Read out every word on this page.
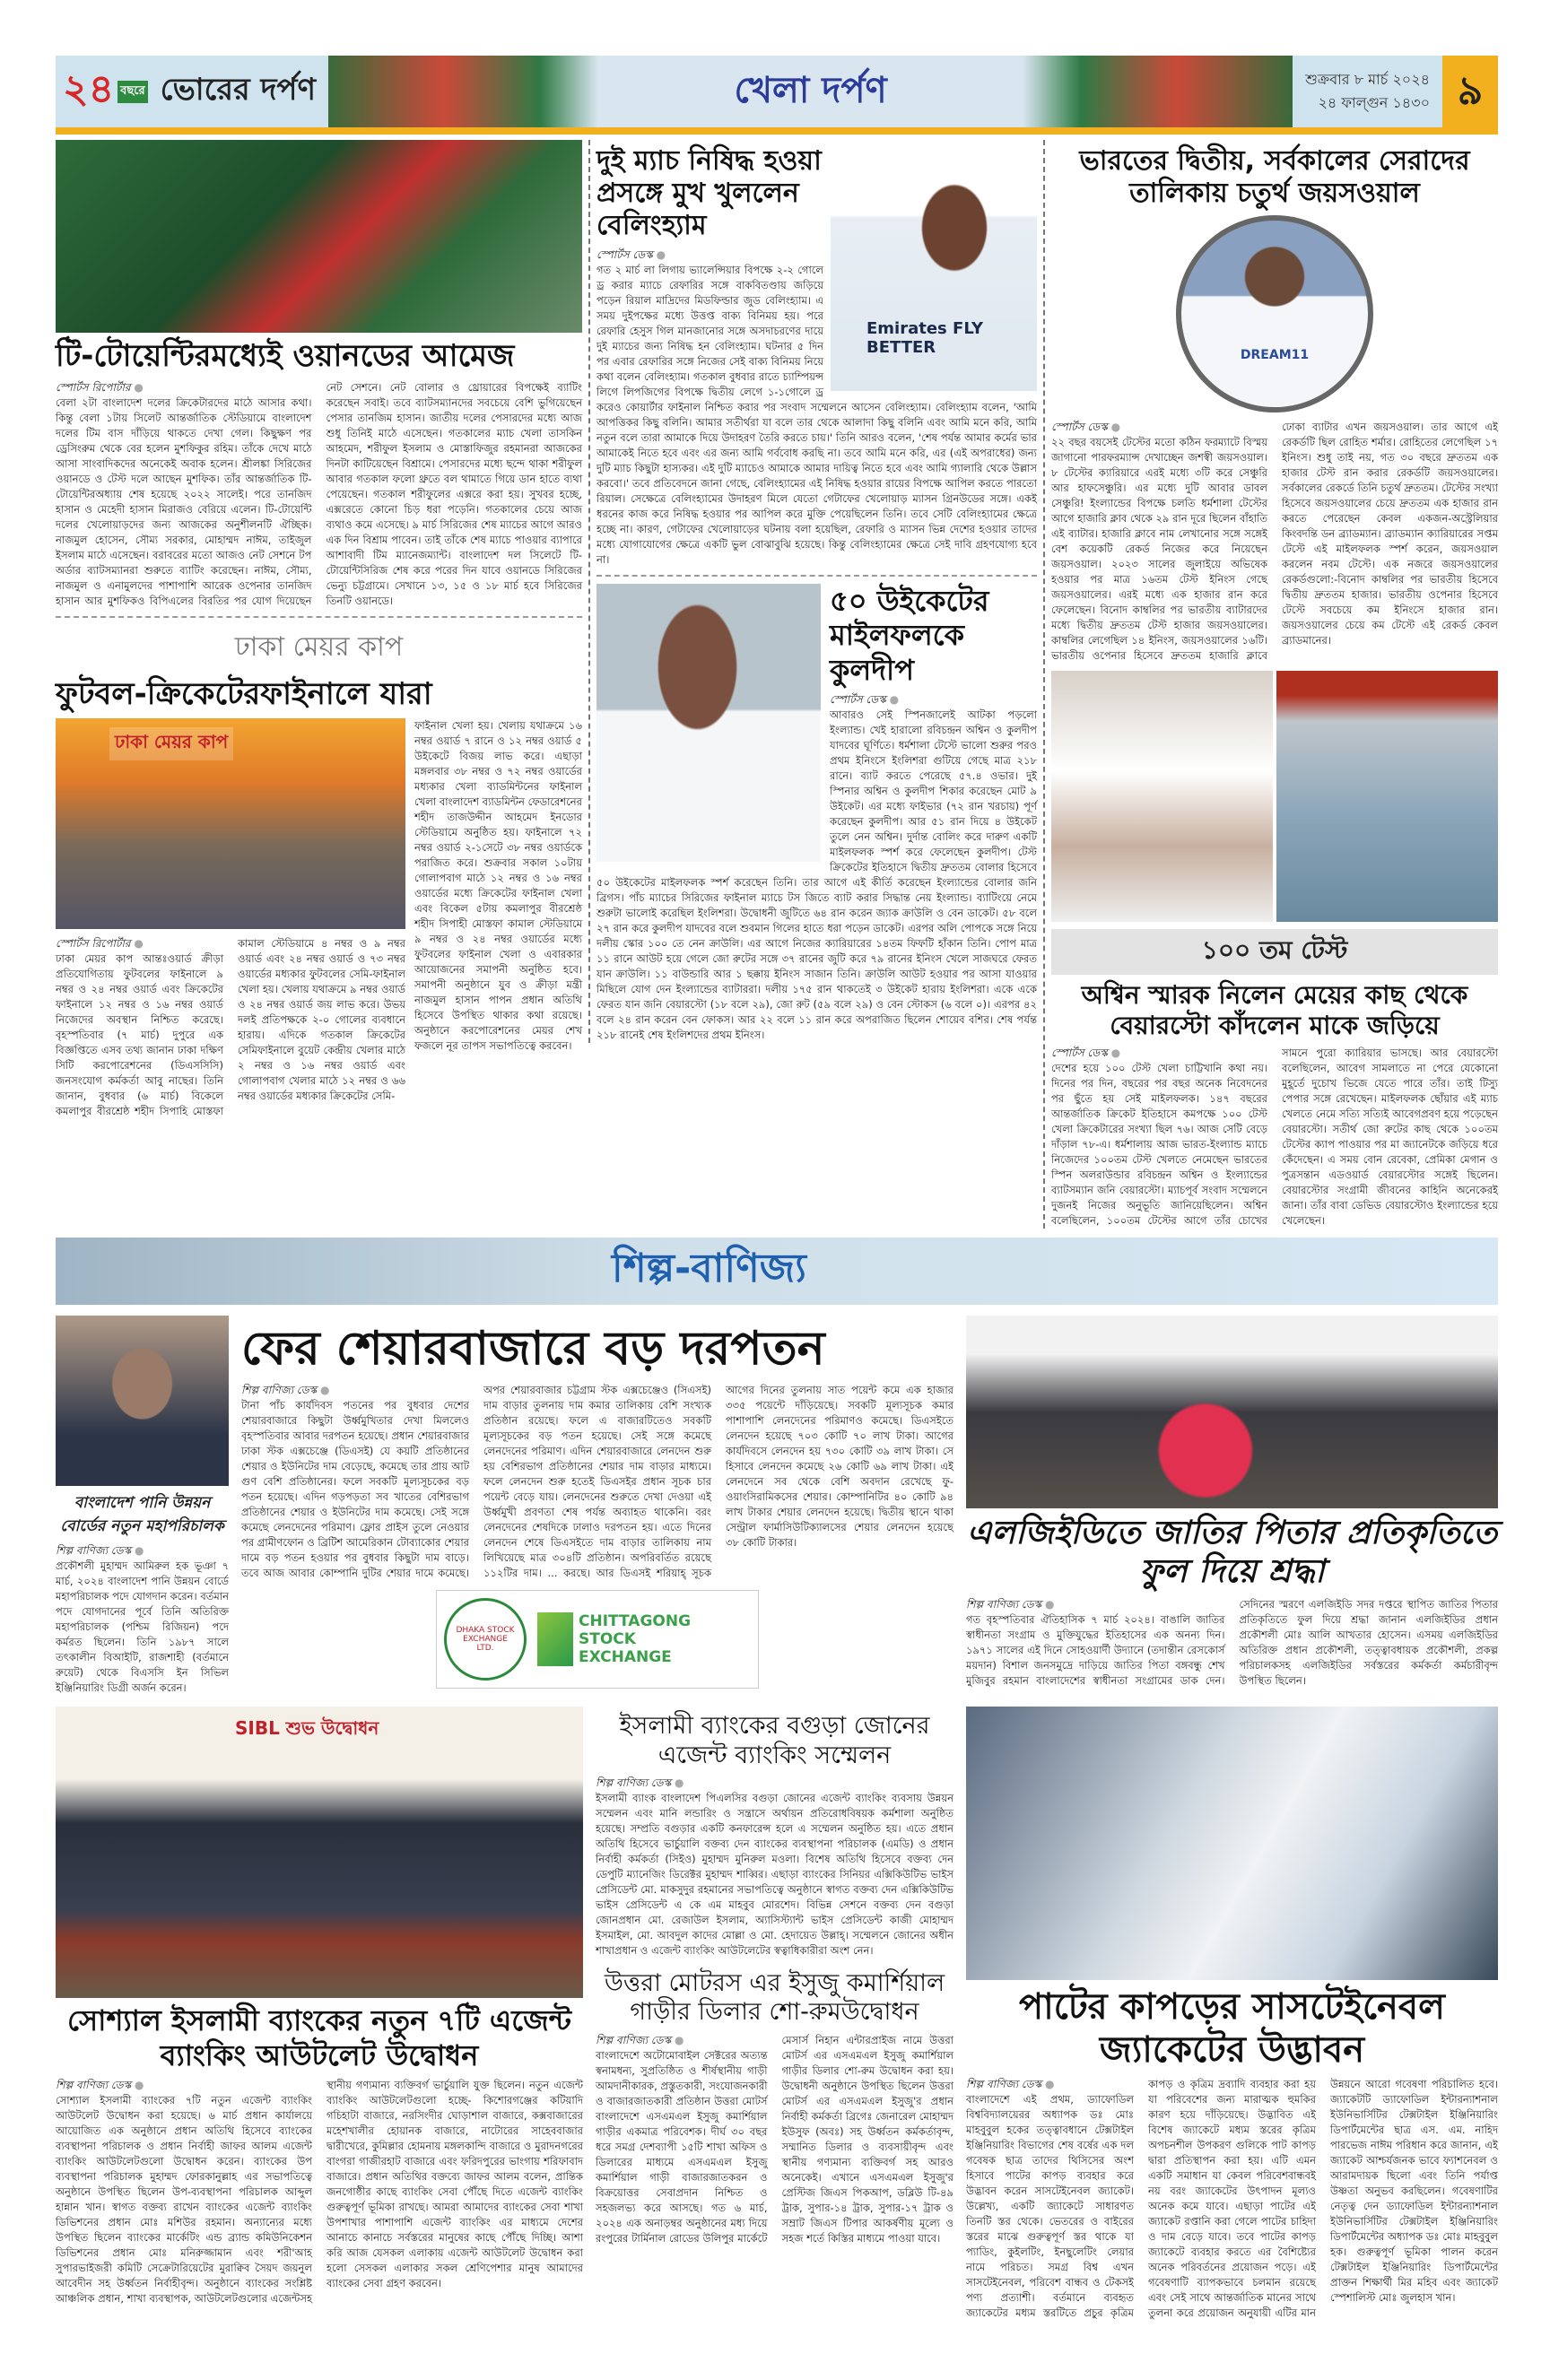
২৪ বছরে ভোরের দর্পণ	খেলা দর্পণ	শুক্রবার ৮ মার্চ ২০২৪
২৪ ফাল্গুন ১৪৩০ ৯
টি-টোয়েন্টিরমধ্যেই ওয়ানডের আমেজ
স্পোর্টস রিপোর্টার ●
বেলা ২টা বাংলাদেশ দলের ক্রিকেটারদের মাঠে আসার কথা। কিন্তু বেলা ১টায় সিলেট আন্তর্জাতিক স্টেডিয়ামে বাংলাদেশ দলের টিম বাস দাঁড়িয়ে থাকতে দেখা গেল। কিছুক্ষণ পর ড্রেসিংরুম থেকে বের হলেন মুশফিকুর রহিম। তাঁকে দেখে মাঠে আসা সাংবাদিকদের অনেকেই অবাক হলেন। শ্রীলঙ্কা সিরিজের ওয়ানডে ও টেস্ট দলে আছেন মুশফিক। তাঁর আন্তর্জাতিক টি-টোয়েন্টিরঅধ্যায় শেষ হয়েছে ২০২২ সালেই। পরে তানজিদ হাসান ও মেহেদী হাসান মিরাজও বেরিয়ে এলেন। টি-টোয়েন্টি দলের খেলোয়াড়দের জন্য আজকের অনুশীলনটি ঐচ্ছিক। নাজমুল হোসেন, সৌম্য সরকার, মোহাম্মদ নাঈম, তাইজুল ইসলাম মাঠে এসেছেন। বরাবরের মতো আজও নেট সেশনে টপ অর্ডার ব্যাটসম্যানরা শুরুতে ব্যাটিং করেছেন। নাঈম, সৌম্য, নাজমুল ও এনামুলদের পাশাপাশি আরেক ওপেনার তানজিদ হাসান আর মুশফিকও বিপিএলের বিরতির পর যোগ দিয়েছেন নেট সেশনে। নেট বোলার ও থ্রোয়ারের বিপক্ষেই ব্যাটিং করেছেন সবাই। তবে ব্যাটসম্যানদের সবচেয়ে বেশি ভুগিয়েছেন পেসার তানজিম হাসান। জাতীয় দলের পেসারদের মধ্যে আজ শুধু তিনিই মাঠে এসেছেন। গতকালের ম্যাচ খেলা তাসকিন আহমেদ, শরীফুল ইসলাম ও মোস্তাফিজুর রহমানরা আজকের দিনটা কাটিয়েছেন বিশ্রামে। পেসারদের মধ্যে ছন্দে থাকা শরীফুল আবার গতকাল ফলো থ্রুতে বল থামাতে গিয়ে ডান হাতে ব্যথা পেয়েছেন। গতকাল শরীফুলের এক্সরে করা হয়। সুখবর হচ্ছে, এক্সরেতে কোনো চিড় ধরা পড়েনি। গতকালের চেয়ে আজ ব্যথাও কমে এসেছে। ৯ মার্চ সিরিজের শেষ ম্যাচের আগে আরও এক দিন বিশ্রাম পাবেন। তাই তাঁকে শেষ ম্যাচে পাওয়ার ব্যাপারে আশাবাদী টিম ম্যানেজম্যান্ট। বাংলাদেশ দল সিলেটে টি-টোয়েন্টিসিরিজ শেষ করে পরের দিন যাবে ওয়ানডে সিরিজের ভেন্যু চট্টগ্রামে। সেখানে ১৩, ১৫ ও ১৮ মার্চ হবে সিরিজের তিনটি ওয়ানডে।
ঢাকা মেয়র কাপ
ফুটবল-ক্রিকেটেরফাইনালে যারা
ঢাকা মেয়র কাপ
স্পোর্টস রিপোর্টার ●
ঢাকা মেয়র কাপ আন্তঃওয়ার্ড ক্রীড়া প্রতিযোগিতায় ফুটবলের ফাইনালে ৯ নম্বর ও ২৪ নম্বর ওয়ার্ড এবং ক্রিকেটের ফাইনালে ১২ নম্বর ও ১৬ নম্বর ওয়ার্ড নিজেদের অবস্থান নিশ্চিত করেছে। বৃহস্পতিবার (৭ মার্চ) দুপুরে এক বিজ্ঞপ্তিতে এসব তথ্য জানান ঢাকা দক্ষিণ সিটি করপোরেশনের (ডিএসসিসি) জনসংযোগ কর্মকর্তা আবু নাছের। তিনি জানান, বুধবার (৬ মার্চ) বিকেলে কমলাপুর বীরশ্রেষ্ঠ শহীদ সিপাহি মোস্তফা কামাল স্টেডিয়ামে ৪ নম্বর ও ৯ নম্বর ওয়ার্ড এবং ২৪ নম্বর ওয়ার্ড ও ৭৩ নম্বর ওয়ার্ডের মধ্যকার ফুটবলের সেমি-ফাইনাল খেলা হয়। খেলায় যথাক্রমে ৯ নম্বর ওয়ার্ড ও ২৪ নম্বর ওয়ার্ড জয় লাভ করে। উভয় দলই প্রতিপক্ষকে ২-০ গোলের ব্যবধানে হারায়। এদিকে গতকাল ক্রিকেটের সেমিফাইনালে বুয়েট কেন্দ্রীয় খেলার মাঠে ২ নম্বর ও ১৬ নম্বর ওয়ার্ড এবং গোলাপবাগ খেলার মাঠে ১২ নম্বর ও ৬৬ নম্বর ওয়ার্ডের মধ্যকার ক্রিকেটের সেমি-
ফাইনাল খেলা হয়। খেলায় যথাক্রমে ১৬ নম্বর ওয়ার্ড ৭ রানে ও ১২ নম্বর ওয়ার্ড ৫ উইকেটে বিজয় লাভ করে। এছাড়া মঙ্গলবার ৩৮ নম্বর ও ৭২ নম্বর ওয়ার্ডের মধ্যকার খেলা ব্যাডমিন্টনের ফাইনাল খেলা বাংলাদেশ ব্যাডমিন্টন ফেডারেশনের শহীদ তাজউদ্দীন আহমেদ ইনডোর স্টেডিয়ামে অনুষ্ঠিত হয়। ফাইনালে ৭২ নম্বর ওয়ার্ড ২-১সেটে ৩৮ নম্বর ওয়ার্ডকে পরাজিত করে। শুক্রবার সকাল ১০টায় গোলাপবাগ মাঠে ১২ নম্বর ও ১৬ নম্বর ওয়ার্ডের মধ্যে ক্রিকেটের ফাইনাল খেলা এবং বিকেল ৫টায় কমলাপুর বীরশ্রেষ্ঠ শহীদ সিপাহী মোস্তফা কামাল স্টেডিয়ামে ৯ নম্বর ও ২৪ নম্বর ওয়ার্ডের মধ্যে ফুটবলের ফাইনাল খেলা ও এবারকার আয়োজনের সমাপনী অনুষ্ঠিত হবে। সমাপনী অনুষ্ঠানে যুব ও ক্রীড়া মন্ত্রী নাজমুল হাসান পাপন প্রধান অতিথি হিসেবে উপস্থিত থাকার কথা রয়েছে। অনুষ্ঠানে করপোরেশনের মেয়র শেখ ফজলে নূর তাপস সভাপতিত্বে করবেন।
Emirates FLY BETTER
দুই ম্যাচ নিষিদ্ধ হওয়া প্রসঙ্গে মুখ খুললেন বেলিংহ্যাম
স্পোর্টস ডেস্ক ●
গত ২ মার্চ লা লিগায় ভ্যালেন্সিয়ার বিপক্ষে ২-২ গোলে ড্র করার ম্যাচে রেফারির সঙ্গে বাকবিতণ্ডায় জড়িয়ে পড়েন রিয়াল মাদ্রিদের মিডফিল্ডার জুড বেলিংহ্যাম। এ সময় দুইপক্ষের মধ্যে উত্তপ্ত বাক্য বিনিময় হয়। পরে রেফারি হেসুস গিল মানজানোর সঙ্গে অসদাচরণের দায়ে দুই ম্যাচের জন্য নিষিদ্ধ হন বেলিংহ্যাম। ঘটনার ৫ দিন পর এবার রেফারির সঙ্গে নিজের সেই বাক্য বিনিময় নিয়ে কথা বলেন বেলিংহ্যাম। গতকাল বুধবার রাতে চ্যাম্পিয়ন্স লিগে লিপজিগের বিপক্ষে দ্বিতীয় লেগে ১-১গোলে ড্র করেও কোয়ার্টার ফাইনাল নিশ্চিত করার পর সংবাদ সম্মেলনে আসেন বেলিংহ্যাম। বেলিংহ্যাম বলেন, 'আমি আপত্তিকর কিছু বলিনি। আমার সতীর্থরা যা বলে তার থেকে আলাদা কিছু বলিনি এবং আমি মনে করি, আমি নতুন বলে তারা আমাকে দিয়ে উদাহরণ তৈরি করতে চায়।' তিনি আরও বলেন, 'শেষ পর্যন্ত আমার কর্মের ভার আমাকেই নিতে হবে এবং এর জন্য আমি গর্ববোধ করছি না। তবে আমি মনে করি, এর (এই অপরাধের) জন্য দুটি ম্যাচ কিছুটা হাস্যকর। এই দুটি ম্যাচেও আমাকে আমার দায়িত্ব নিতে হবে এবং আমি গ্যালারি থেকে উল্লাস করবো।' তবে প্রতিবেদনে জানা গেছে, বেলিংহ্যামের এই নিষিদ্ধ হওয়ার রায়ের বিপক্ষে আপিল করতে পারতো রিয়াল। সেক্ষেত্রে বেলিংহ্যামের উদাহরণ মিলে যেতো গেটাফের খেলোয়াড় ম্যাসন গ্রিনউডের সঙ্গে। একই ধরনের কাজ করে নিষিদ্ধ হওয়ার পর আপিল করে মুক্তি পেয়েছিলেন তিনি। তবে সেটি বেলিংহ্যামের ক্ষেত্রে হচ্ছে না। কারণ, গেটাফের খেলোয়াড়ের ঘটনায় বলা হয়েছিল, রেফারি ও ম্যাসন ভিন্ন দেশের হওয়ার তাদের মধ্যে যোগাযোগের ক্ষেত্রে একটি ভুল বোঝাবুঝি হয়েছে। কিন্তু বেলিংহ্যামের ক্ষেত্রে সেই দাবি গ্রহণযোগ্য হবে না।
৫০ উইকেটের মাইলফলকে কুলদীপ
স্পোর্টস ডেস্ক ●
আবারও সেই স্পিনজালেই আটকা পড়লো ইংল্যান্ড। খেই হারালো রবিচন্দ্রন অশ্বিন ও কুলদীপ যাদবের ঘূর্ণিতে। ধর্মশালা টেস্টে ভালো শুরুর পরও প্রথম ইনিংসে ইংলিশরা গুটিয়ে গেছে মাত্র ২১৮ রানে। ব্যাট করতে পেরেছে ৫৭.৪ ওভার। দুই স্পিনার অশ্বিন ও কুলদীপ শিকার করেছেন মোট ৯ উইকেট। এর মধ্যে ফাইভার (৭২ রান খরচায়) পূর্ণ করেছেন কুলদীপ। আর ৫১ রান দিয়ে ৪ উইকেট তুলে নেন অশ্বিন। দুর্দান্ত বোলিং করে দারুণ একটি মাইলফলক স্পর্শ করে ফেলেছেন কুলদীপ। টেস্ট ক্রিকেটের ইতিহাসে দ্বিতীয় দ্রুততম বোলার হিসেবে ৫০ উইকেটের মাইলফলক স্পর্শ করেছেন তিনি। তার আগে এই কীর্তি করেছেন ইংল্যান্ডের বোলার জনি ব্রিগস। পাঁচ ম্যাচের সিরিজের ফাইনাল ম্যাচে টস জিতে ব্যাট করার সিদ্ধান্ত নেয় ইংল্যান্ড। ব্যাটিংয়ে নেমে শুরুটা ভালোই করেছিল ইংলিশরা। উদ্বোধনী জুটিতে ৬৪ রান করেন জ্যাক ক্রাউলি ও বেন ডাকেট। ৫৮ বলে ২৭ রান করে কুলদীপ যাদবের বলে শুবমান গিলের হাতে ধরা পড়েন ডাকেট। এরপর অলি পোপকে সঙ্গে নিয়ে দলীয় স্কোর ১০০ তে নেন ক্রাউলি। এর আগে নিজের ক্যারিয়ারের ১৪তম ফিফটি হাঁকান তিনি। পোপ মাত্র ১১ রানে আউট হয়ে গেলে জো রুটের সঙ্গে ৩৭ রানের জুটি করে ৭৯ রানের ইনিংস খেলে সাজঘরে ফেরত যান ক্রাউলি। ১১ বাউন্ডারি আর ১ ছক্কায় ইনিংস সাজান তিনি। ক্রাউলি আউট হওয়ার পর আসা যাওয়ার মিছিলে যোগ দেন ইংল্যান্ডের ব্যাটাররা। দলীয় ১৭৫ রান থাকতেই ৩ উইকেট হারায় ইংলিশরা। একে একে ফেরত যান জনি বেয়ারস্টো (১৮ বলে ২৯), জো রুট (৫৯ বলে ২৯) ও বেন স্টোকস (৬ বলে ০)। এরপর ৪২ বলে ২৪ রান করেন বেন ফোকস। আর ২২ বলে ১১ রান করে অপরাজিত ছিলেন শোয়েব বশির। শেষ পর্যন্ত ২১৮ রানেই শেষ ইংলিশদের প্রথম ইনিংস।
ভারতের দ্বিতীয়, সর্বকালের সেরাদের তালিকায় চতুর্থ জয়সওয়াল
DREAM11
স্পোর্টস ডেস্ক ●
২২ বছর বয়সেই টেস্টের মতো কঠিন ফরম্যাটে বিস্ময় জাগানো পারফরম্যান্স দেখাচ্ছেন জশস্বী জয়সওয়াল। ৮ টেস্টের ক্যারিয়ারে এরই মধ্যে ৩টি করে সেঞ্চুরি আর হাফসেঞ্চুরি। এর মধ্যে দুটি আবার ডাবল সেঞ্চুরি! ইংল্যান্ডের বিপক্ষে চলতি ধর্মশালা টেস্টের আগে হাজারি ক্লাব থেকে ২৯ রান দূরে ছিলেন বাঁহাতি এই ব্যাটার। হাজারি ক্লাবে নাম লেখানোর সঙ্গে সঙ্গেই বেশ কয়েকটি রেকর্ড নিজের করে নিয়েছেন জয়সওয়াল। ২০২৩ সালের জুলাইয়ে অভিষেক হওয়ার পর মাত্র ১৬তম টেস্ট ইনিংস গেছে জয়সওয়ালের। এরই মধ্যে এক হাজার রান করে ফেলেছেন। বিনোদ কাম্বলির পর ভারতীয় ব্যাটারদের মধ্যে দ্বিতীয় দ্রুততম টেস্ট হাজার জয়সওয়ালের। কাম্বলির লেগেছিল ১৪ ইনিংস, জয়সওয়ালের ১৬টি। ভারতীয় ওপেনার হিসেবে দ্রুততম হাজারি ক্লাবে ঢোকা ব্যাটার এখন জয়সওয়াল। তার আগে এই রেকর্ডটি ছিল রোহিত শর্মার। রোহিতের লেগেছিল ১৭ ইনিংস। শুধু তাই নয়, গত ৩০ বছরে দ্রুততম এক হাজার টেস্ট রান করার রেকর্ডটি জয়সওয়ালের। সর্বকালের রেকর্ডে তিনি চতুর্থ দ্রুততম। টেস্টের সংখ্যা হিসেবে জয়সওয়ালের চেয়ে দ্রুততম এক হাজার রান করতে পেরেছেন কেবল একজন-অস্ট্রেলিয়ার কিংবদন্তি ডন ব্র্যাডম্যান। ব্র্যাডম্যান ক্যারিয়ারের সপ্তম টেস্টে এই মাইলফলক স্পর্শ করেন, জয়সওয়াল করলেন নবম টেস্টে। এক নজরে জয়সওয়ালের রেকর্ডগুলো:-বিনোদ কাম্বলির পর ভারতীয় হিসেবে দ্বিতীয় দ্রুততম হাজার। ভারতীয় ওপেনার হিসেবে টেস্টে সবচেয়ে কম ইনিংসে হাজার রান। জয়সওয়ালের চেয়ে কম টেস্টে এই রেকর্ড কেবল ব্র্যাডমানের।
১০০ তম টেস্ট
অশ্বিন স্মারক নিলেন মেয়ের কাছ থেকে বেয়ারস্টো কাঁদলেন মাকে জড়িয়ে
স্পোর্টস ডেস্ক ●
দেশের হয়ে ১০০ টেস্ট খেলা চাট্টিখানি কথা নয়। দিনের পর দিন, বছরের পর বছর অনেক নিবেদনের পর ছুঁতে হয় সেই মাইলফলক। ১৪৭ বছরের আন্তর্জাতিক ক্রিকেট ইতিহাসে কমপক্ষে ১০০ টেস্ট খেলা ক্রিকেটারের সংখ্যা ছিল ৭৬। আজ সেটি বেড়ে দাঁড়াল ৭৮-এ। ধর্মশালায় আজ ভারত-ইংল্যান্ড ম্যাচে নিজেদের ১০০তম টেস্ট খেলতে নেমেছেন ভারতের স্পিন অলরাউন্ডার রবিচন্দ্রন অশ্বিন ও ইংল্যান্ডের ব্যাটসম্যান জনি বেয়ারস্টো। ম্যাচপূর্ব সংবাদ সম্মেলনে দুজনই নিজের অনুভূতি জানিয়েছিলেন। অশ্বিন বলেছিলেন, ১০০তম টেস্টের আগে তাঁর চোখের সামনে পুরো ক্যারিয়ার ভাসছে। আর বেয়ারস্টো বলেছিলেন, আবেগ সামলাতে না পেরে যেকোনো মুহূর্তে দুচোখ ভিজে যেতে পারে তাঁর। তাই টিস্যু পেপার সঙ্গে রেখেছেন। মাইলফলক ছোঁয়ার এই ম্যাচ খেলতে নেমে সত্যি সত্যিই আবেগপ্রবণ হয়ে পড়েছেন বেয়ারস্টো। সতীর্থ জো রুটের কাছ থেকে ১০০তম টেস্টের ক্যাপ পাওয়ার পর মা জ্যানেটকে জড়িয়ে ধরে কেঁদেছেন। এ সময় বোন রেবেকা, প্রেমিকা মেগান ও পুত্রসন্তান এডওয়ার্ড বেয়ারস্টোর সঙ্গেই ছিলেন। বেয়ারস্টোর সংগ্রামী জীবনের কাহিনি অনেকেরই জানা। তাঁর বাবা ডেভিড বেয়ারস্টোও ইংল্যান্ডের হয়ে খেলেছেন।
শিল্প-বাণিজ্য
বাংলাদেশ পানি উন্নয়ন বোর্ডের নতুন মহাপরিচালক
শিল্প বাণিজ্য ডেস্ক ●
প্রকৌশলী মুহাম্মদ আমিরুল হক ভূঞা ৭ মার্চ, ২০২৪ বাংলাদেশ পানি উন্নয়ন বোর্ডে মহাপরিচালক পদে যোগদান করেন। বর্তমান পদে যোগদানের পূর্বে তিনি অতিরিক্ত মহাপরিচালক (পশ্চিম রিজিয়ন) পদে কর্মরত ছিলেন। তিনি ১৯৮৭ সালে তৎকালীন বিআইটি, রাজশাহী (বর্তমানে রুয়েট) থেকে বিএসসি ইন সিভিল ইঞ্জিনিয়ারিং ডিগ্রী অর্জন করেন।
ফের শেয়ারবাজারে বড় দরপতন
শিল্প বাণিজ্য ডেস্ক ●
টানা পাঁচ কার্যদিবস পতনের পর বুধবার দেশের শেয়ারবাজারে কিছুটা উর্ধ্বমুখিতার দেখা মিললেও বৃহস্পতিবার আবার দরপতন হয়েছে। প্রধান শেয়ারবাজার ঢাকা স্টক এক্সচেঞ্জে (ডিএসই) যে কয়টি প্রতিষ্ঠানের শেয়ার ও ইউনিটের দাম বেড়েছে, কমেছে তার প্রায় আট গুণ বেশি প্রতিষ্ঠানের। ফলে সবকটি মূল্যসূচকের বড় পতন হয়েছে। এদিন গড়পড়তা সব খাতের বেশিরভাগ প্রতিষ্ঠানের শেয়ার ও ইউনিটের দাম কমেছে। সেই সঙ্গে কমেছে লেনদেনের পরিমাণ। ফ্লোর প্রাইস তুলে নেওয়ার পর গ্রামীণফোন ও ব্রিটিশ আমেরিকান টোব্যাকোর শেয়ার দামে বড় পতন হওয়ার পর বুধবার কিছুটা দাম বাড়ে। তবে আজ আবার কোম্পানি দুটির শেয়ার দামে কমেছে। অপর শেয়ারবাজার চট্টগ্রাম স্টক এক্সচেঞ্জেও (সিএসই) দাম বাড়ার তুলনায় দাম কমার তালিকায় বেশি সংখ্যক প্রতিষ্ঠান রয়েছে। ফলে এ বাজারটিতেও সবকটি মূল্যসূচকের বড় পতন হয়েছে। সেই সঙ্গে কমেছে লেনদেনের পরিমাণ। এদিন শেয়ারবাজারে লেনদেন শুরু হয় বেশিরভাগ প্রতিষ্ঠানের শেয়ার দাম বাড়ার মাধ্যমে। ফলে লেনদেন শুরু হতেই ডিএসইর প্রধান সূচক চার পয়েন্ট বেড়ে যায়। লেনদেনের শুরুতে দেখা দেওয়া এই উর্ধ্বমুখী প্রবণতা শেষ পর্যন্ত অব্যাহত থাকেনি। বরং লেনদেনের শেষদিকে ঢালাও দরপতন হয়। এতে দিনের লেনদেন শেষে ডিএসইতে দাম বাড়ার তালিকায় নাম লিখিয়েছে মাত্র ৩০৪টি প্রতিষ্ঠান। অপরিবর্তিত রয়েছে ১১২টির দাম। ... করছে। আর ডিএসই শরিয়াহ্ সূচক আগের দিনের তুলনায় সাত পয়েন্ট কমে এক হাজার ৩৩৫ পয়েন্টে দাঁড়িয়েছে। সবকটি মূল্যসূচক কমার পাশাপাশি লেনদেনের পরিমাণও কমেছে। ডিএসইতে লেনদেন হয়েছে ৭০৩ কোটি ৭০ লাখ টাকা। আগের কার্যদিবসে লেনদেন হয় ৭৩০ কোটি ৩৯ লাখ টাকা। সে হিসাবে লেনদেন কমেছে ২৬ কোটি ৬৯ লাখ টাকা। এই লেনদেনে সব থেকে বেশি অবদান রেখেছে ফু-ওয়াংসিরামিকসের শেয়ার। কোম্পানিটির ৪০ কোটি ৯৪ লাখ টাকার শেয়ার লেনদেন হয়েছে। দ্বিতীয় স্থানে থাকা সেন্ট্রাল ফার্মাসিউটিক্যালসের শেয়ার লেনদেন হয়েছে ৩৮ কোটি টাকার।
DHAKA STOCK EXCHANGE LTD.
CHITTAGONG STOCK EXCHANGE
এলজিইডিতে জাতির পিতার প্রতিকৃতিতে ফুল দিয়ে শ্রদ্ধা
শিল্প বাণিজ্য ডেস্ক ●
গত বৃহস্পতিবার ঐতিহাসিক ৭ মার্চ ২০২৪। বাঙালি জাতির স্বাধীনতা সংগ্রাম ও মুক্তিযুদ্ধের ইতিহাসের এক অনন্য দিন। ১৯৭১ সালের এই দিনে সোহওয়ার্দী উদ্যানে (তদান্তীন রেসকোর্স ময়দান) বিশাল জনসমুদ্রে দাড়িয়ে জাতির পিতা বঙ্গবন্ধু শেখ মুজিবুর রহমান বাংলাদেশের স্বাধীনতা সংগ্রামের ডাক দেন। সেদিনের স্মরণে এলজিইডি সদর দপ্তরে স্থাপিত জাতির পিতার প্রতিকৃতিতে ফুল দিয়ে শ্রদ্ধা জানান এলজিইডির প্রধান প্রকৌশলী মোঃ আলি আখতার হোসেন। এসময় এলজিইডির অতিরিক্ত প্রধান প্রকৌশলী, তত্ত্বাবধায়ক প্রকৌশলী, প্রকল্প পরিচালকসহ এলজিইডির সর্বস্তরের কর্মকর্তা কর্মচারীবৃন্দ উপস্থিত ছিলেন।
SIBL শুভ উদ্বোধন
সোশ্যাল ইসলামী ব্যাংকের নতুন ৭টি এজেন্ট ব্যাংকিং আউটলেট উদ্বোধন
শিল্প বাণিজ্য ডেস্ক ●
সোশ্যাল ইসলামী ব্যাংকের ৭টি নতুন এজেন্ট ব্যাংকিং আউটলেট উদ্বোধন করা হয়েছে। ৬ মার্চ প্রধান কার্যালয়ে আয়োজিত এক অনুষ্ঠানে প্রধান অতিথি হিসেবে ব্যাংকের ব্যবস্থাপনা পরিচালক ও প্রধান নির্বাহী জাফর আলম এজেন্ট ব্যাংকিং আউটলেটগুলো উদ্বোধন করেন। ব্যাংকের উপ ব্যবস্থাপনা পরিচালক মুহাম্মদ ফোরকানুল্লাহ এর সভাপতিত্বে অনুষ্ঠানে উপস্থিত ছিলেন উপ-ব্যবস্থাপনা পরিচালক আব্দুল হান্নান খান। স্বাগত বক্তব্য রাখেন ব্যাংকের এজেন্ট ব্যাংকিং ডিভিশনের প্রধান মোঃ মশিউর রহমান। অন্যান্যের মধ্যে উপস্থিত ছিলেন ব্যাংকের মার্কেটিং এন্ড ব্র্যান্ড কমিউনিকেশন ডিভিশনের প্রধান মোঃ মনিরুজ্জামান এবং শরী'আহ সুপারভাইজরী কমিটি সেক্রেটারিয়েটের মুরাক্বিব সৈয়দ জয়নুল আবেদীন সহ উর্ধ্বতন নির্বাহীবৃন্দ। অনুষ্ঠানে ব্যাংকের সংশ্লিষ্ট আঞ্চলিক প্রধান, শাখা ব্যবস্থাপক, আউটলেটগুলোর এজেন্টসহ স্থানীয় গণ্যমান্য ব্যক্তিবর্গ ভার্চুয়ালি যুক্ত ছিলেন। নতুন এজেন্ট ব্যাংকিং আউটলেটগুলো হচ্ছে- কিশোরগঞ্জের কটিয়াদি গচিহাটা বাজারে, নরসিংদীর ঘোড়াশাল বাজারে, কক্সবাজারের মহেশখালীর হোয়ানক বাজারে, নাটোরের সাহেববাজার দ্বারীখেরে, কুমিল্লার হোমনায় মঙ্গলকান্দি বাজারে ও মুরাদনগরের বাংগরা গাজীরহাট বাজারে এবং ফরিদপুরের ভাংগায় শরিফাবাদ বাজারে। প্রধান অতিথির বক্তব্যে জাফর আলম বলেন, প্রান্তিক জনগোষ্ঠীর কাছে ব্যাংকিং সেবা পৌঁছে দিতে এজেন্ট ব্যাংকিং গুরুত্বপূর্ণ ভূমিকা রাখছে। আমরা আমাদের ব্যাংকের সেবা শাখা উপশাখার পাশাপাশি এজেন্ট ব্যাংকিং এর মাধ্যমে দেশের আনাচে কানাচে সর্বস্তরের মানুষের কাছে পৌঁছে দিচ্ছি। আশা করি আজ যেসকল এলাকায় এজেন্ট আউটলেট উদ্বোধন করা হলো সেসকল এলাকার সকল শ্রেণিপেশার মানুষ আমাদের ব্যাংকের সেবা গ্রহণ করবেন।
ইসলামী ব্যাংকের বগুড়া জোনের এজেন্ট ব্যাংকিং সম্মেলন
শিল্প বাণিজ্য ডেস্ক ●
ইসলামী ব্যাংক বাংলাদেশ পিএলসির বগুড়া জোনের এজেন্ট ব্যাংকিং ব্যবসায় উন্নয়ন সম্মেলন এবং মানি লন্ডারিং ও সন্ত্রাসে অর্থায়ন প্রতিরোধবিষয়ক কর্মশালা অনুষ্ঠিত হয়েছে। সম্প্রতি বগুড়ার একটি কনফারেন্স হলে এ সম্মেলন অনুষ্ঠিত হয়। এতে প্রধান অতিথি হিসেবে ভার্চুয়ালি বক্তব্য দেন ব্যাংকের ব্যবস্থাপনা পরিচালক (এমডি) ও প্রধান নির্বাহী কর্মকর্তা (সিইও) মুহাম্মদ মুনিরুল মওলা। বিশেষ অতিথি হিসেবে বক্তব্য দেন ডেপুটি ম্যানেজিং ডিরেক্টর মুহাম্মদ শাব্বির। এছাড়া ব্যাংকের সিনিয়র এক্সিকিউটিভ ভাইস প্রেসিডেন্ট মো. মাকসুদুর রহমানের সভাপতিত্বে অনুষ্ঠানে স্বাগত বক্তব্য দেন এক্সিকিউটিভ ভাইস প্রেসিডেন্ট এ কে এম মাহবুব মোরশেদ। বিভিন্ন সেশনে বক্তব্য দেন বগুড়া জোনপ্রধান মো. রেজাউল ইসলাম, অ্যাসিস্ট্যান্ট ভাইস প্রেসিডেন্ট কাজী মোহাম্মদ ইসমাইল, মো. আবদুল কাদের মোল্লা ও মো. হেদায়েত উল্লাহ্। সম্মেলনে জোনের অধীন শাখাপ্রধান ও এজেন্ট ব্যাংকিং আউটলেটের স্বত্বাধিকারীরা অংশ নেন।
উত্তরা মোটরস এর ইসুজু কমার্শিয়াল গাড়ীর ডিলার শো-রুমউদ্বোধন
শিল্প বাণিজ্য ডেস্ক ●
বাংলাদেশে অটোমোবাইল সেক্টরের অত্যন্ত স্বনামধন্য, সুপ্রতিষ্ঠিত ও শীর্ষস্থানীয় গাড়ী আমদানীকারক, প্রস্তুতকারী, সংযোজনকারী ও বাজারজাতকারী প্রতিষ্ঠান উত্তরা মোটর্স বাংলাদেশে এসএমএল ইসুজু কমার্শিয়াল গাড়ীর একমাত্র পরিবেশক। দীর্ঘ ৩০ বছর ধরে সমগ্র দেশব্যাপী ১৫টি শাখা অফিস ও ডিলারের মাধ্যমে এসএমএল ইসুজু কমার্শিয়াল গাড়ী বাজারজাতকরন ও বিক্রয়োত্তর সেবাপ্রদান নিশ্চিত ও সহজলভ্য করে আসছে। গত ৬ মার্চ, ২০২৪ এক অনাড়ম্বর অনুষ্ঠানের মধ্য দিয়ে রংপুরের টার্মিনাল রোডের উলিপুর মার্কেটে মেসার্স নিহান এন্টারপ্রাইজ নামে উত্তরা মোটর্স এর এসএমএল ইসুজু কমার্শিয়াল গাড়ীর ডিলার শো-রুম উদ্বোধন করা হয়। উদ্বোধনী অনুষ্ঠানে উপস্থিত ছিলেন উত্তরা মোটর্স এর এসএমএল ইসুজু'র প্রধান নির্বাহী কর্মকর্তা ব্রিগেঃ জেনারেল মোহাম্মদ ইউসুফ (অবঃ) সহ উর্ধ্বতন কর্মকর্তাবৃন্দ, সম্মানিত ডিলার ও ব্যবসায়ীবৃন্দ এবং স্থানীয় গণ্যমান্য ব্যক্তিবর্গ সহ আরও অনেকেই। এখানে এসএমএল ইসুজু'র প্রেস্টিজ জিএস পিকআপ, ডব্লিউ টি-৪৯ ট্রাক, সুপার-১৪ ট্রাক, সুপার-১৭ ট্রাক ও সম্রাট জিএস টিপার আকর্ষণীয় মূল্যে ও সহজ শর্তে কিস্তির মাধ্যমে পাওয়া যাবে।
পাটের কাপড়ের সাসটেইনেবল জ্যাকেটের উদ্ভাবন
শিল্প বাণিজ্য ডেস্ক ●
বাংলাদেশে এই প্রথম, ড্যাফোডিল বিশ্ববিদ্যালয়েরর অধ্যাপক ডঃ মোঃ মাহবুবুল হকের তত্ত্বাবধানে টেক্সটাইল ইঞ্জিনিয়ারিং বিভাগের শেষ বর্ষের এক দল গবেষক ছাত্র তাদের থিসিসের অংশ হিসাবে পাটের কাপড় ব্যবহার করে উদ্ভাবন করেন সাসটেইনেবল জ্যাকেট। উল্লেখ্য, একটি জ্যাকেটে সাধারণত তিনটি স্তর থেকে। ভেতরের ও বাইরের স্তরের মাঝে গুরুত্বপূর্ণ স্তর থাকে যা প্যাডিং, কুইলটিং, ইনছুলেটিং লেয়ার নামে পরিচত। সমগ্র বিশ্ব এখন সাসটেইনেবল, পরিবেশ বান্ধব ও টেকসই পণ্য প্রত্যাশী। বর্তমানে ব্যবহৃত জ্যাকেটের মধ্যম স্তরটিতে প্রচুর কৃত্রিম কাপড় ও কৃত্রিম দ্রব্যাদি ব্যবহার করা হয় যা পরিবেশের জন্য মারাত্মক হুমকির কারণ হয়ে দাঁড়িয়েছে। উদ্ভাবিত এই বিশেষ জ্যাকেটে মধ্যম স্তরের কৃত্রিম অপচনশীল উপকরণ গুলিকে পাট কাপড় দ্বারা প্রতিস্থাপন করা হয়। এটি এমন একটি সমাধান যা কেবল পরিবেশবান্ধবই নয় বরং জ্যাকেটের উৎপাদন মূল্যও অনেক কমে যাবে। এছাড়া পাটের এই জ্যাকেট রপ্তানি করা গেলে পাটের চাহিদা ও দাম বেড়ে যাবে। তবে পাটের কাপড় জ্যাকেটে ব্যবহার করতে এর বৈশিষ্ট্যের অনেক পরিবর্তনের প্রয়োজন পড়ে। এই গবেষণাটি ব্যাপকভাবে চলমান রয়েছে এবং সেই সাথে আন্তর্জাতিক মানের সাথে তুলনা করে প্রয়োজন অনুযায়ী এটির মান উন্নয়নে আরো গবেষণা পরিচালিত হবে। জ্যাকেটটি ড্যাফোডিল ইন্টারন্যাশনাল ইউনিভার্সিটির টেক্সটাইল ইঞ্জিনিয়ারিং ডিপার্টমেন্টের ছাত্র এস. এম. নাহিদ পারভেজ নাঈম পরিধান করে জানান, এই জ্যাকেট আশ্চর্যজনক ভাবে ফ্যাশনেবল ও আরামদায়ক ছিলো এবং তিনি পর্যাপ্ত উষ্ণতা অনুভব করছিলেন। গবেষণাটির নেতৃত্ব দেন ড্যাফোডিল ইন্টারন্যাশনাল ইউনিভার্সিটির টেক্সটাইল ইঞ্জিনিয়ারিং ডিপার্টমেন্টের অধ্যাপক ডঃ মোঃ মাহবুবুল হক। গুরুত্বপূর্ণ ভূমিকা পালন করেন টেক্সটাইল ইঞ্জিনিয়ারিং ডিপার্টমেন্টের প্রাক্তন শিক্ষার্থী মির মহিব এবং জ্যাকেট স্পেশালিস্ট মোঃ জুলহাস খান।
